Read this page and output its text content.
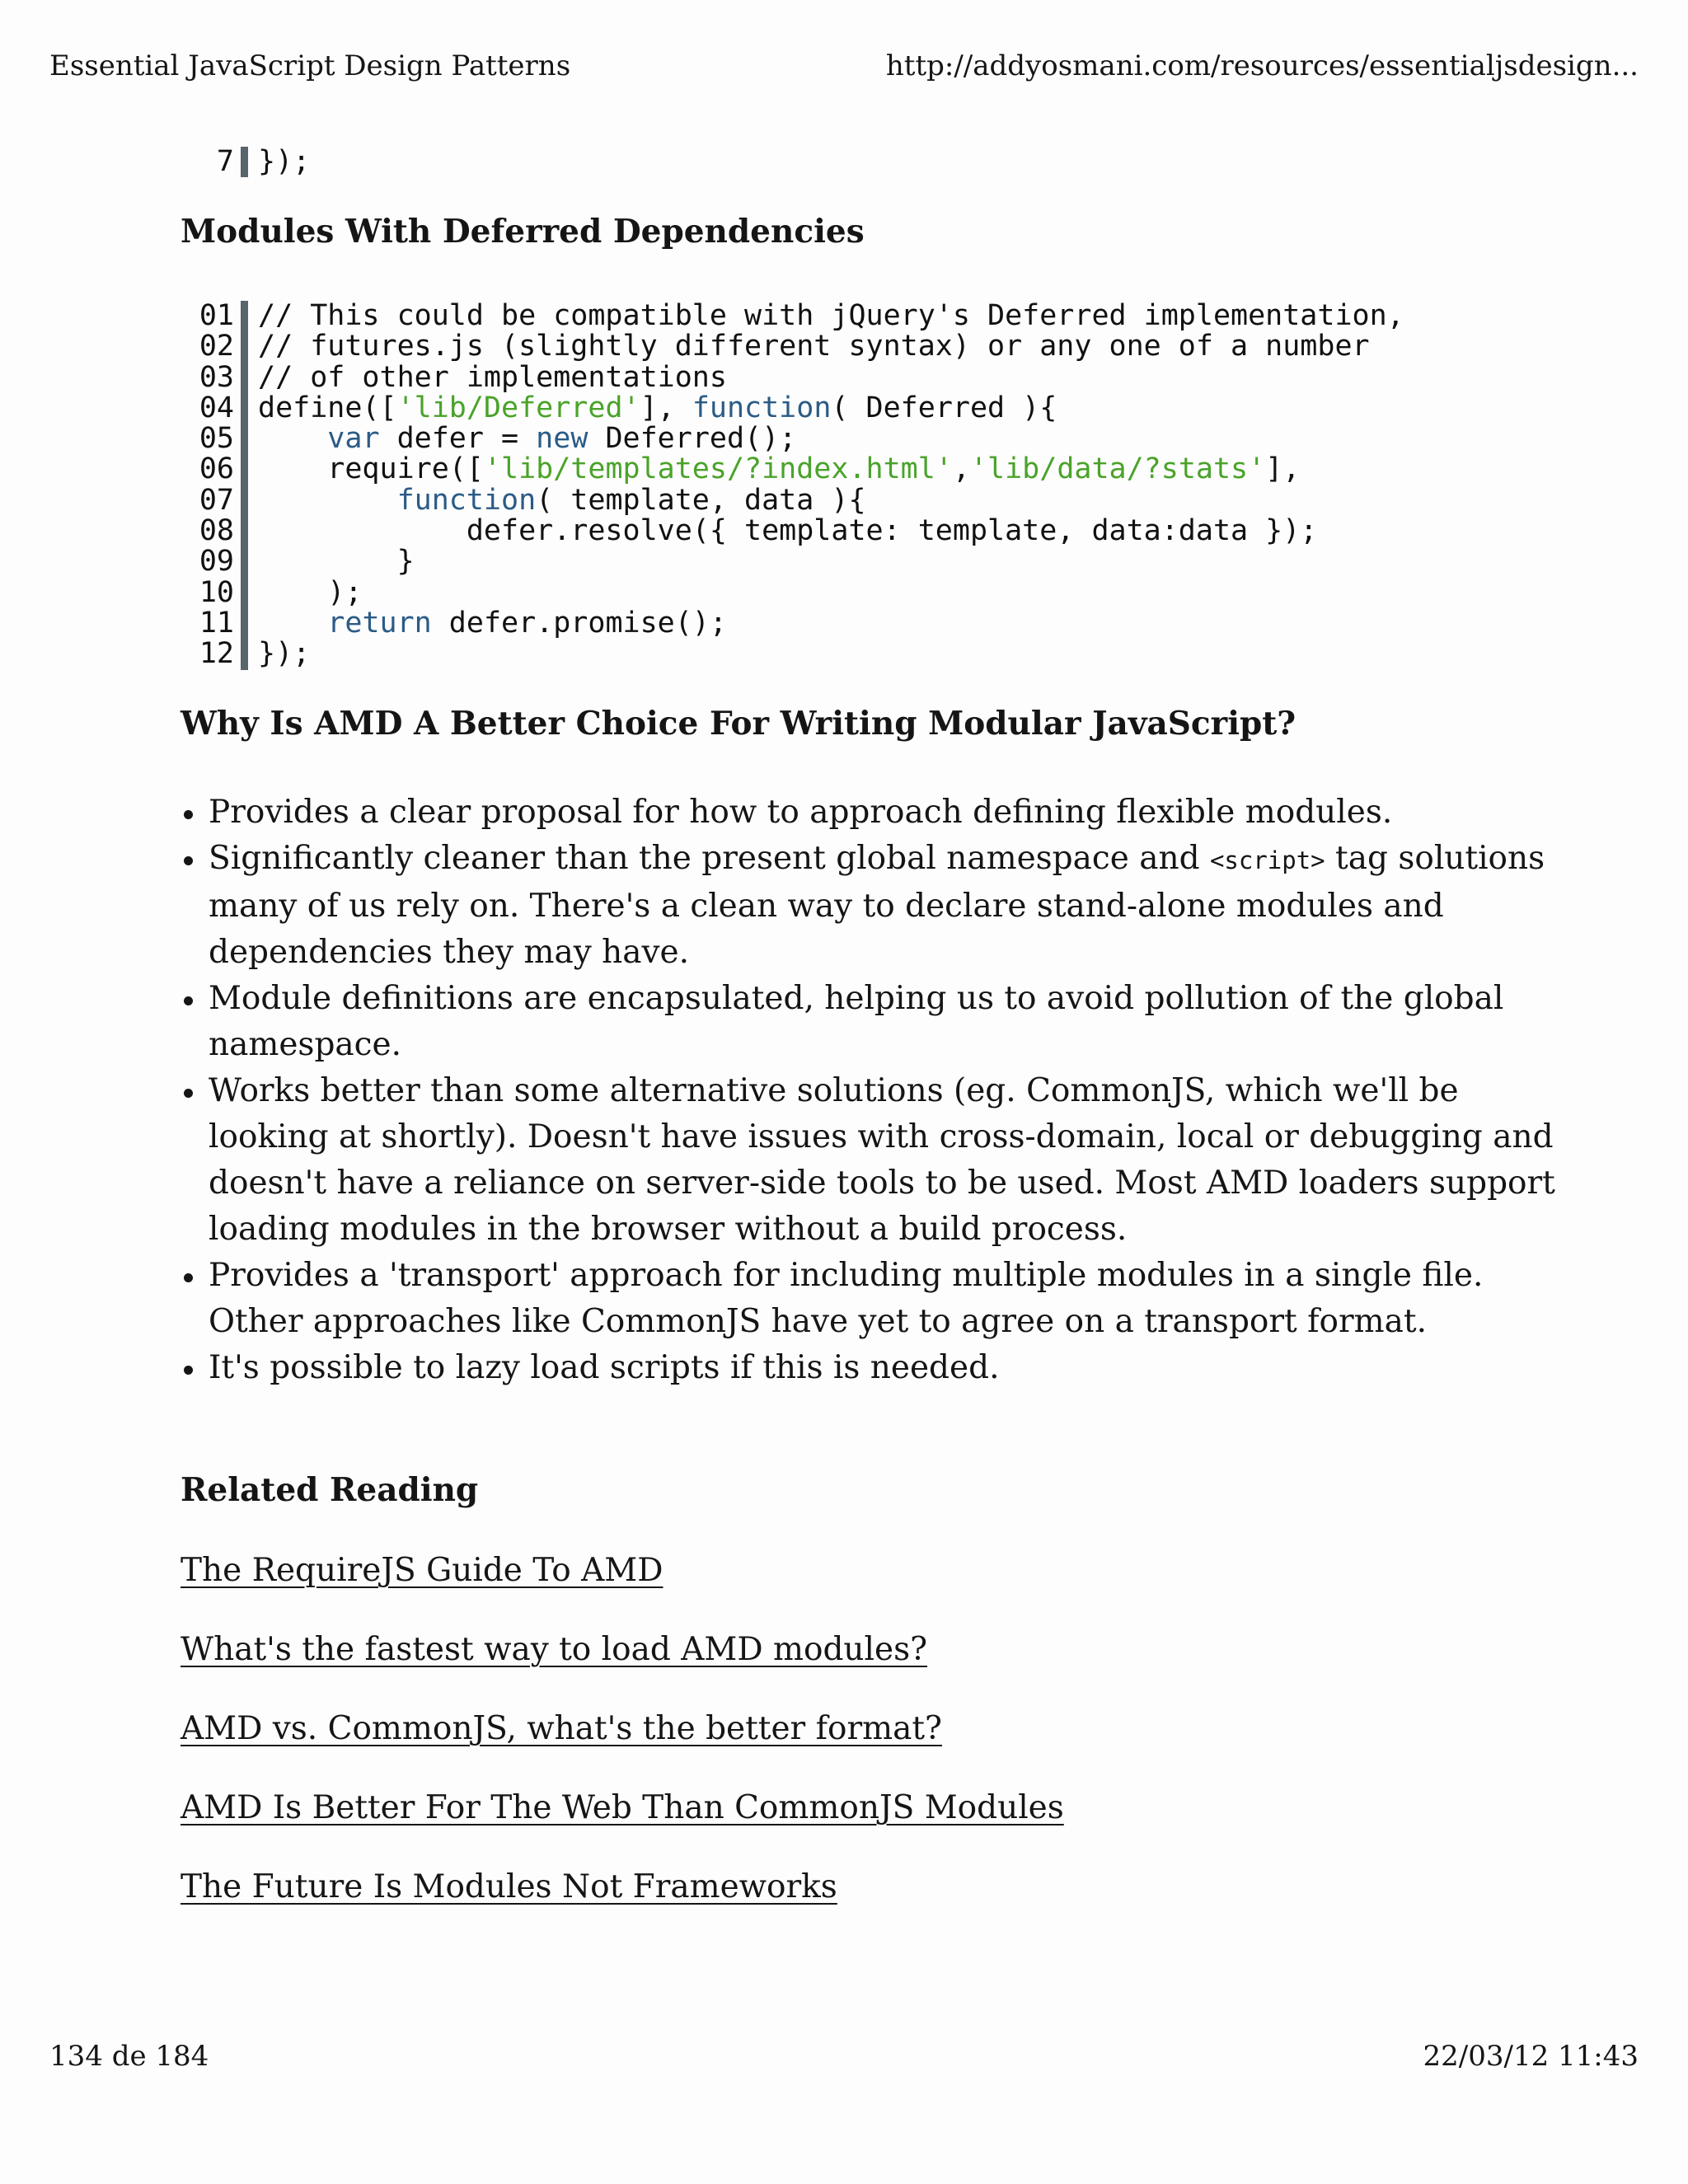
Essential JavaScript Design Patterns	http://addyosmani.com/resources/essentialjsdesign...
7 });
Modules With Deferred Dependencies
01 // This could be compatible with jQuery's Deferred implementation,
02 // futures.js (slightly different syntax) or any one of a number
03 // of other implementations
04 define(['lib/Deferred'], function( Deferred ){
05	var defer = new Deferred();
06 require(['lib/templates/?index.html','lib/data/?stats'],
07	function( template, data ){
08 defer.resolve({ template: template, data:data });
09 }
10 );
11	return defer.promise();
12 });
Why Is AMD A Better Choice For Writing Modular JavaScript?
Provides a clear proposal for how to approach defining flexible modules.
Significantly cleaner than the present global namespace and <script> tag solutions many of us rely on. There's a clean way to declare stand-alone modules and dependencies they may have.
Module definitions are encapsulated, helping us to avoid pollution of the global namespace.
Works better than some alternative solutions (eg. CommonJS, which we'll be looking at shortly). Doesn't have issues with cross-domain, local or debugging and doesn't have a reliance on server-side tools to be used. Most AMD loaders support loading modules in the browser without a build process.
Provides a 'transport' approach for including multiple modules in a single file. Other approaches like CommonJS have yet to agree on a transport format.
It's possible to lazy load scripts if this is needed.
Related Reading
The RequireJS Guide To AMD
What's the fastest way to load AMD modules?
AMD vs. CommonJS, what's the better format?
AMD Is Better For The Web Than CommonJS Modules
The Future Is Modules Not Frameworks
134 de 184	22/03/12 11:43
